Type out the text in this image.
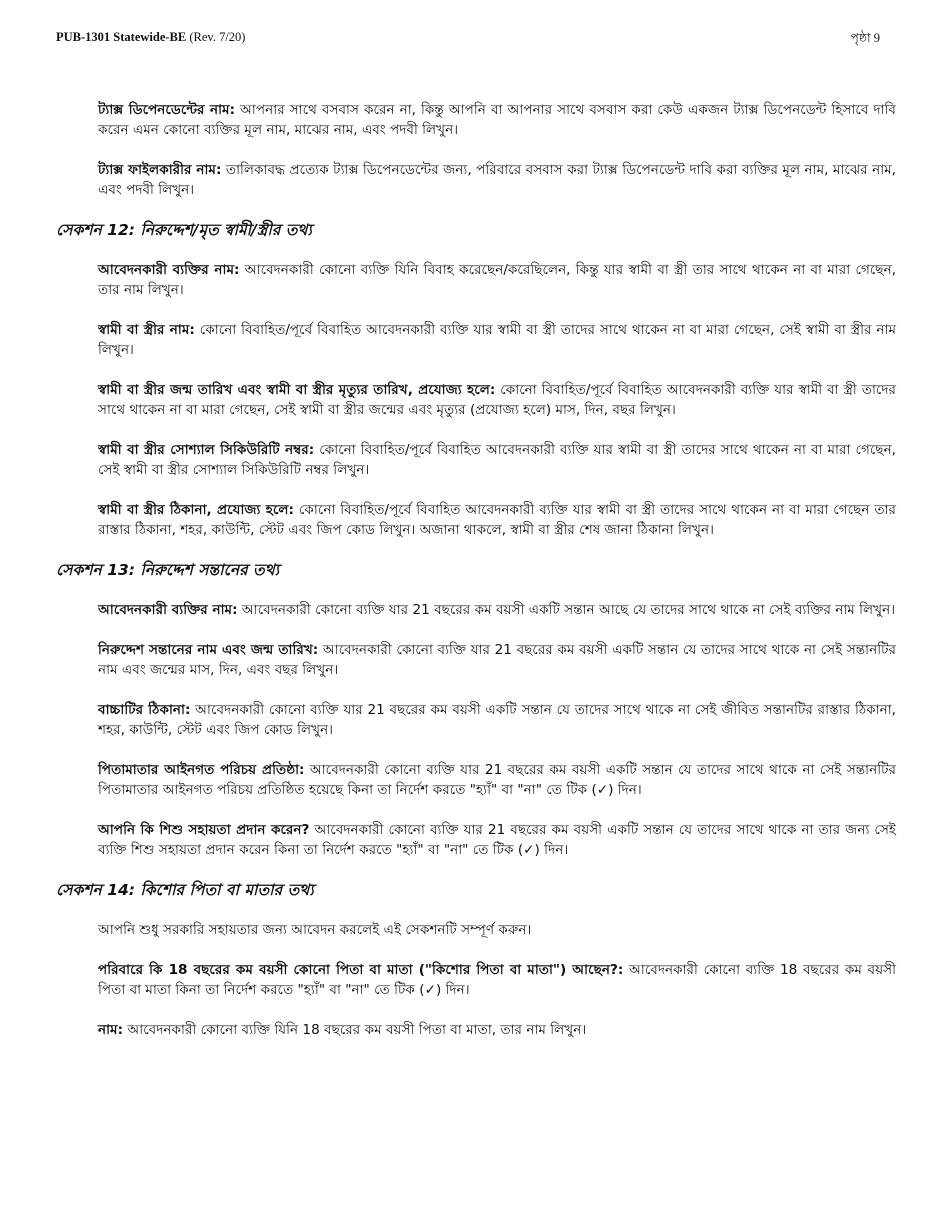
PUB-1301 Statewide-BE (Rev. 7/20)	পৃষ্ঠা 9

ট্যাক্স ডিপেনডেন্টের নাম: আপনার সাথে বসবাস করেন না, কিন্তু আপনি বা আপনার সাথে বসবাস করা কেউ একজন ট্যাক্স ডিপেনডেন্ট হিসাবে দাবি করেন এমন কোনো ব্যক্তির মূল নাম, মাঝের নাম, এবং পদবী লিখুন।

ট্যাক্স ফাইলকারীর নাম: তালিকাবদ্ধ প্রত্যেক ট্যাক্স ডিপেনডেন্টের জন্য, পরিবারে বসবাস করা ট্যাক্স ডিপেনডেন্ট দাবি করা ব্যক্তির মূল নাম, মাঝের নাম, এবং পদবী লিখুন।

সেকশন 12: নিরুদ্দেশ/মৃত স্বামী/স্ত্রীর তথ্য

আবেদনকারী ব্যক্তির নাম: আবেদনকারী কোনো ব্যক্তি যিনি বিবাহ করেছেন/করেছিলেন, কিন্তু যার স্বামী বা স্ত্রী তার সাথে থাকেন না বা মারা গেছেন, তার নাম লিখুন।

স্বামী বা স্ত্রীর নাম: কোনো বিবাহিত/পূর্বে বিবাহিত আবেদনকারী ব্যক্তি যার স্বামী বা স্ত্রী তাদের সাথে থাকেন না বা মারা গেছেন, সেই স্বামী বা স্ত্রীর নাম লিখুন।

স্বামী বা স্ত্রীর জন্ম তারিখ এবং স্বামী বা স্ত্রীর মৃত্যুর তারিখ, প্রযোজ্য হলে: কোনো বিবাহিত/পূর্বে বিবাহিত আবেদনকারী ব্যক্তি যার স্বামী বা স্ত্রী তাদের সাথে থাকেন না বা মারা গেছেন, সেই স্বামী বা স্ত্রীর জন্মের এবং মৃত্যুর (প্রযোজ্য হলে) মাস, দিন, বছর লিখুন।

স্বামী বা স্ত্রীর সোশ্যাল সিকিউরিটি নম্বর: কোনো বিবাহিত/পূর্বে বিবাহিত আবেদনকারী ব্যক্তি যার স্বামী বা স্ত্রী তাদের সাথে থাকেন না বা মারা গেছেন, সেই স্বামী বা স্ত্রীর সোশ্যাল সিকিউরিটি নম্বর লিখুন।

স্বামী বা স্ত্রীর ঠিকানা, প্রযোজ্য হলে: কোনো বিবাহিত/পূর্বে বিবাহিত আবেদনকারী ব্যক্তি যার স্বামী বা স্ত্রী তাদের সাথে থাকেন না বা মারা গেছেন তার রাস্তার ঠিকানা, শহর, কাউন্টি, স্টেট এবং জিপ কোড লিখুন। অজানা থাকলে, স্বামী বা স্ত্রীর শেষ জানা ঠিকানা লিখুন।

সেকশন 13: নিরুদ্দেশ সন্তানের তথ্য

আবেদনকারী ব্যক্তির নাম: আবেদনকারী কোনো ব্যক্তি যার 21 বছরের কম বয়সী একটি সন্তান আছে যে তাদের সাথে থাকে না সেই ব্যক্তির নাম লিখুন।

নিরুদ্দেশ সন্তানের নাম এবং জন্ম তারিখ: আবেদনকারী কোনো ব্যক্তি যার 21 বছরের কম বয়সী একটি সন্তান যে তাদের সাথে থাকে না সেই সন্তানটির নাম এবং জন্মের মাস, দিন, এবং বছর লিখুন।

বাচ্চাটির ঠিকানা: আবেদনকারী কোনো ব্যক্তি যার 21 বছরের কম বয়সী একটি সন্তান যে তাদের সাথে থাকে না সেই জীবিত সন্তানটির রাস্তার ঠিকানা, শহর, কাউন্টি, স্টেট এবং জিপ কোড লিখুন।

পিতামাতার আইনগত পরিচয় প্রতিষ্ঠা: আবেদনকারী কোনো ব্যক্তি যার 21 বছরের কম বয়সী একটি সন্তান যে তাদের সাথে থাকে না সেই সন্তানটির পিতামাতার আইনগত পরিচয় প্রতিষ্ঠিত হয়েছে কিনা তা নির্দেশ করতে "হ্যাঁ" বা "না" তে টিক (✓) দিন।

আপনি কি শিশু সহায়তা প্রদান করেন? আবেদনকারী কোনো ব্যক্তি যার 21 বছরের কম বয়সী একটি সন্তান যে তাদের সাথে থাকে না তার জন্য সেই ব্যক্তি শিশু সহায়তা প্রদান করেন কিনা তা নির্দেশ করতে "হ্যাঁ" বা "না" তে টিক (✓) দিন।

সেকশন 14: কিশোর পিতা বা মাতার তথ্য

আপনি শুধু সরকারি সহায়তার জন্য আবেদন করলেই এই সেকশনটি সম্পূর্ণ করুন।

পরিবারে কি 18 বছরের কম বয়সী কোনো পিতা বা মাতা ("কিশোর পিতা বা মাতা") আছেন?: আবেদনকারী কোনো ব্যক্তি 18 বছরের কম বয়সী পিতা বা মাতা কিনা তা নির্দেশ করতে "হ্যাঁ" বা "না" তে টিক (✓) দিন।

নাম: আবেদনকারী কোনো ব্যক্তি যিনি 18 বছরের কম বয়সী পিতা বা মাতা, তার নাম লিখুন।
